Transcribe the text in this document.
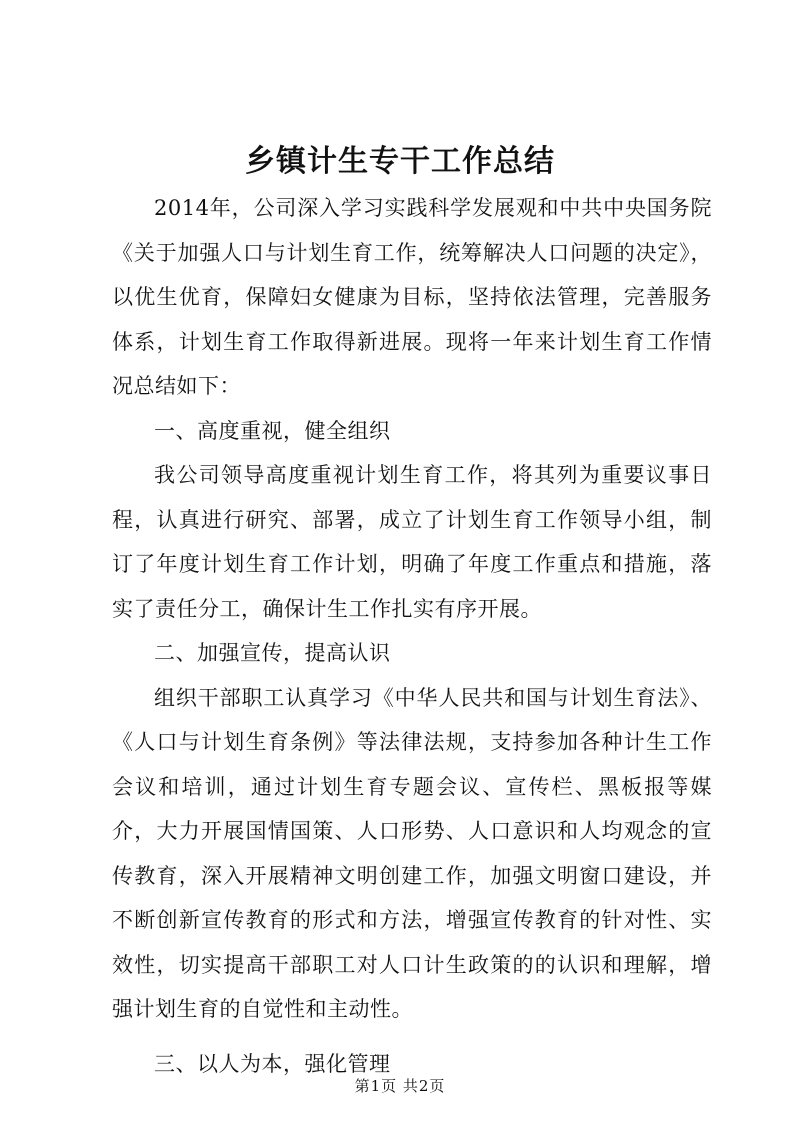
乡镇计生专干工作总结

2014年，公司深入学习实践科学发展观和中共中央国务院《关于加强人口与计划生育工作，统筹解决人口问题的决定》，以优生优育，保障妇女健康为目标，坚持依法管理，完善服务体系，计划生育工作取得新进展。现将一年来计划生育工作情况总结如下：

一、高度重视，健全组织

我公司领导高度重视计划生育工作，将其列为重要议事日程，认真进行研究、部署，成立了计划生育工作领导小组，制订了年度计划生育工作计划，明确了年度工作重点和措施，落实了责任分工，确保计生工作扎实有序开展。

二、加强宣传，提高认识

组织干部职工认真学习《中华人民共和国与计划生育法》、《人口与计划生育条例》等法律法规，支持参加各种计生工作会议和培训，通过计划生育专题会议、宣传栏、黑板报等媒介，大力开展国情国策、人口形势、人口意识和人均观念的宣传教育，深入开展精神文明创建工作，加强文明窗口建设，并不断创新宣传教育的形式和方法，增强宣传教育的针对性、实效性，切实提高干部职工对人口计生政策的的认识和理解，增强计划生育的自觉性和主动性。

三、以人为本，强化管理

第1页 共2页
